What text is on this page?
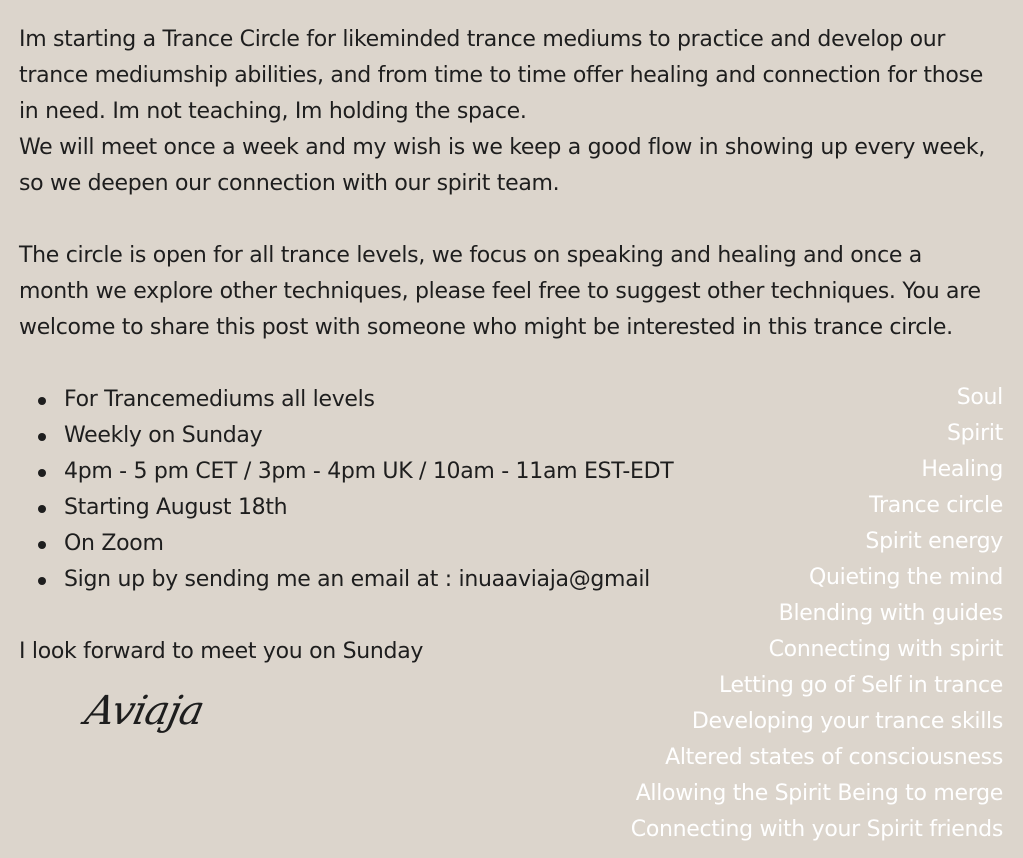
Im starting a Trance Circle for likeminded trance mediums to practice and develop our

trance mediumship abilities, and from time to time offer healing and connection for those

in need. Im not teaching, Im holding the space.

We will meet once a week and my wish is we keep a good flow in showing up every week,

so we deepen our connection with our spirit team.

The circle is open for all trance levels, we focus on speaking and healing and once a

month we explore other techniques, please feel free to suggest other techniques. You are

welcome to share this post with someone who might be interested in this trance circle.

For Trancemediums all levels
Weekly on Sunday
4pm - 5 pm CET / 3pm - 4pm UK / 10am - 11am EST-EDT
Starting August 18th
On Zoom
Sign up by sending me an email at : inuaaviaja@gmail

I look forward to meet you on Sunday

Aviaja
Soul
Spirit
Healing
Trance circle
Spirit energy
Quieting the mind
Blending with guides
Connecting with spirit
Letting go of Self in trance
Developing your trance skills
Altered states of consciousness
Allowing the Spirit Being to merge
Connecting with your Spirit friends
